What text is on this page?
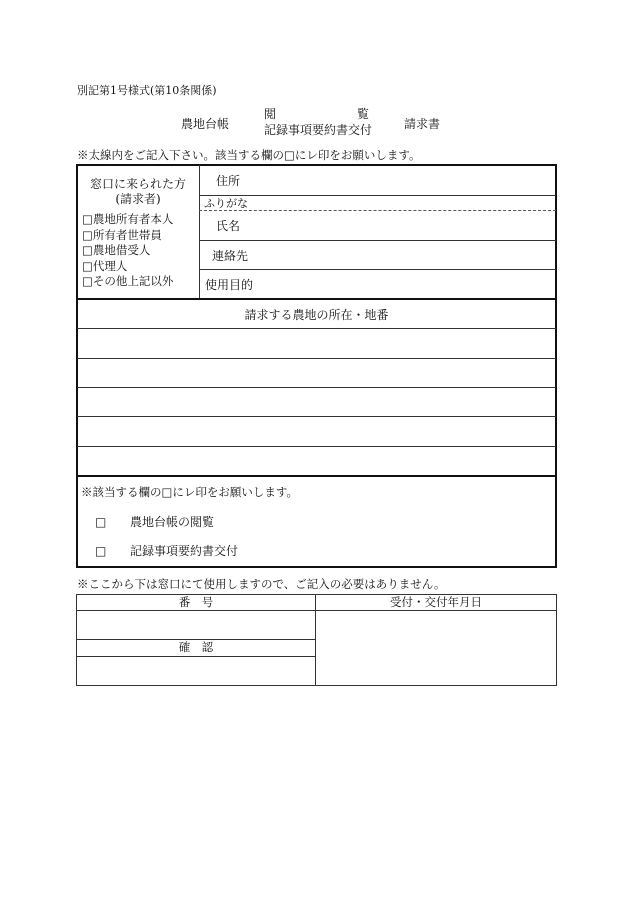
別記第1号様式(第10条関係)
農地台帳
閲	覧
記録事項要約書交付	請求書
※太線内をご記入下さい。該当する欄の□にレ印をお願いします。
窓口に来られた方
(請求者)
□農地所有者本人
□所有者世帯員
□農地借受人
□代理人
□その他上記以外
住所
ふりがな
氏名
連絡先
使用目的
請求する農地の所在・地番
※該当する欄の□にレ印をお願いします。
□ 農地台帳の閲覧
□ 記録事項要約書交付
※ここから下は窓口にて使用しますので、ご記入の必要はありません。
番　号	受付・交付年月日
確　認
